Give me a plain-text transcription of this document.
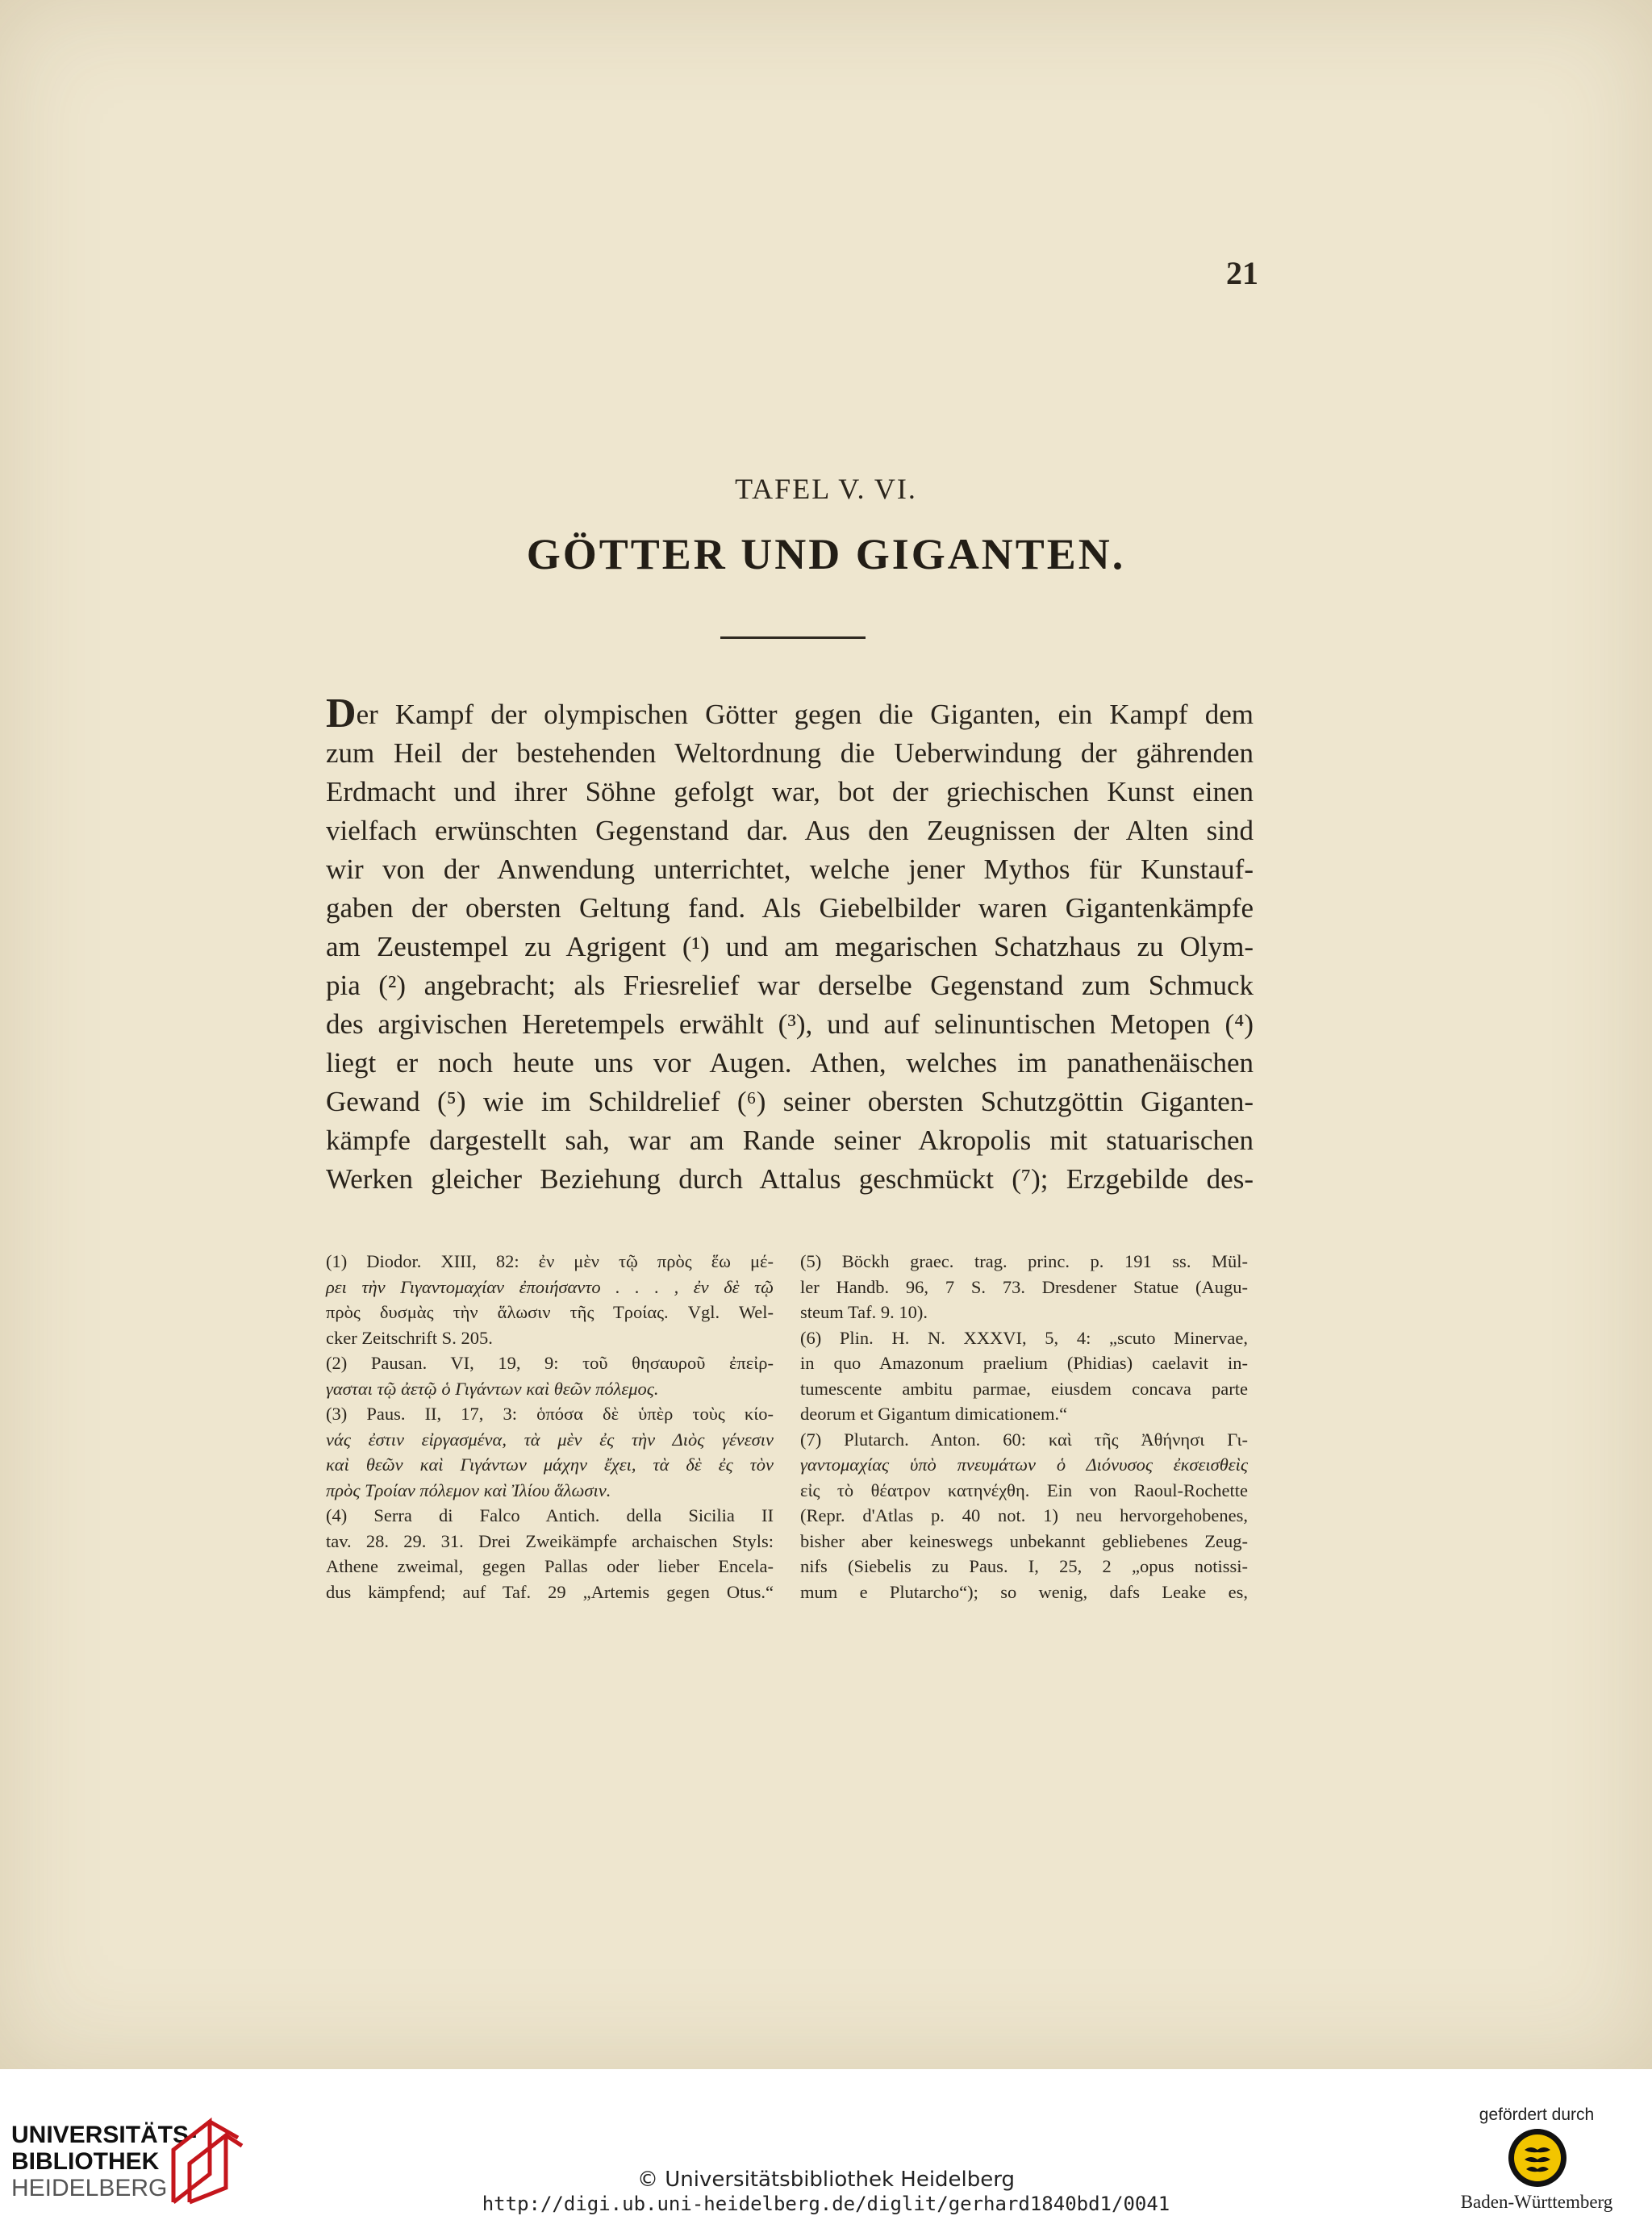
21
TAFEL V. VI.
GÖTTER UND GIGANTEN.
Der Kampf der olympischen Götter gegen die Giganten, ein Kampf dem
zum Heil der bestehenden Weltordnung die Ueberwindung der gährenden
Erdmacht und ihrer Söhne gefolgt war, bot der griechischen Kunst einen
vielfach erwünschten Gegenstand dar. Aus den Zeugnissen der Alten sind
wir von der Anwendung unterrichtet, welche jener Mythos für Kunstauf-
gaben der obersten Geltung fand. Als Giebelbilder waren Gigantenkämpfe
am Zeustempel zu Agrigent (¹) und am megarischen Schatzhaus zu Olym-
pia (²) angebracht; als Friesrelief war derselbe Gegenstand zum Schmuck
des argivischen Heretempels erwählt (³), und auf selinuntischen Metopen (⁴)
liegt er noch heute uns vor Augen. Athen, welches im panathenäischen
Gewand (⁵) wie im Schildrelief (⁶) seiner obersten Schutzgöttin Giganten-
kämpfe dargestellt sah, war am Rande seiner Akropolis mit statuarischen
Werken gleicher Beziehung durch Attalus geschmückt (⁷); Erzgebilde des-
(1) Diodor. XIII, 82: ἐν μὲν τῷ πρὸς ἕω μέ-
ρει τὴν Γιγαντομαχίαν ἐποιήσαντο . . . , ἐν δὲ τῷ
πρὸς δυσμὰς τὴν ἅλωσιν τῆς Τροίας. Vgl. Wel-
cker Zeitschrift S. 205.
(2) Pausan. VI, 19, 9: τοῦ θησαυροῦ ἐπεἰρ-
γασται τῷ ἀετῷ ὁ Γιγάντων καὶ θεῶν πόλεμος.
(3) Paus. II, 17, 3: ὁπόσα δὲ ὑπὲρ τοὺς κίο-
νάς ἐστιν εἰργασμένα, τὰ μὲν ἐς τὴν Διὸς γένεσιν
καὶ θεῶν καὶ Γιγάντων μάχην ἔχει, τὰ δὲ ἐς τὸν
πρὸς Τροίαν πόλεμον καὶ Ἰλίου ἅλωσιν.
(4) Serra di Falco Antich. della Sicilia II
tav. 28. 29. 31. Drei Zweikämpfe archaischen Styls:
Athene zweimal, gegen Pallas oder lieber Encela-
dus kämpfend; auf Taf. 29 „Artemis gegen Otus.“
(5) Böckh graec. trag. princ. p. 191 ss. Mül-
ler Handb. 96, 7 S. 73. Dresdener Statue (Augu-
steum Taf. 9. 10).
(6) Plin. H. N. XXXVI, 5, 4: „scuto Minervae,
in quo Amazonum praelium (Phidias) caelavit in-
tumescente ambitu parmae, eiusdem concava parte
deorum et Gigantum dimicationem.“
(7) Plutarch. Anton. 60: καὶ τῆς Ἀθήνησι Γι-
γαντομαχίας ὑπὸ πνευμάτων ὁ Διόνυσος ἐκσεισθεὶς
εἰς τὸ θέατρον κατηνέχθη. Ein von Raoul-Rochette
(Repr. d'Atlas p. 40 not. 1) neu hervorgehobenes,
bisher aber keineswegs unbekannt gebliebenes Zeug-
nifs (Siebelis zu Paus. I, 25, 2 „opus notissi-
mum e Plutarcho“); so wenig, dafs Leake es,
UNIVERSITÄTS-
BIBLIOTHEK
HEIDELBERG	© Universitätsbibliothek Heidelberg
http://digi.ub.uni-heidelberg.de/diglit/gerhard1840bd1/0041
gefördert durch
Baden-Württemberg
